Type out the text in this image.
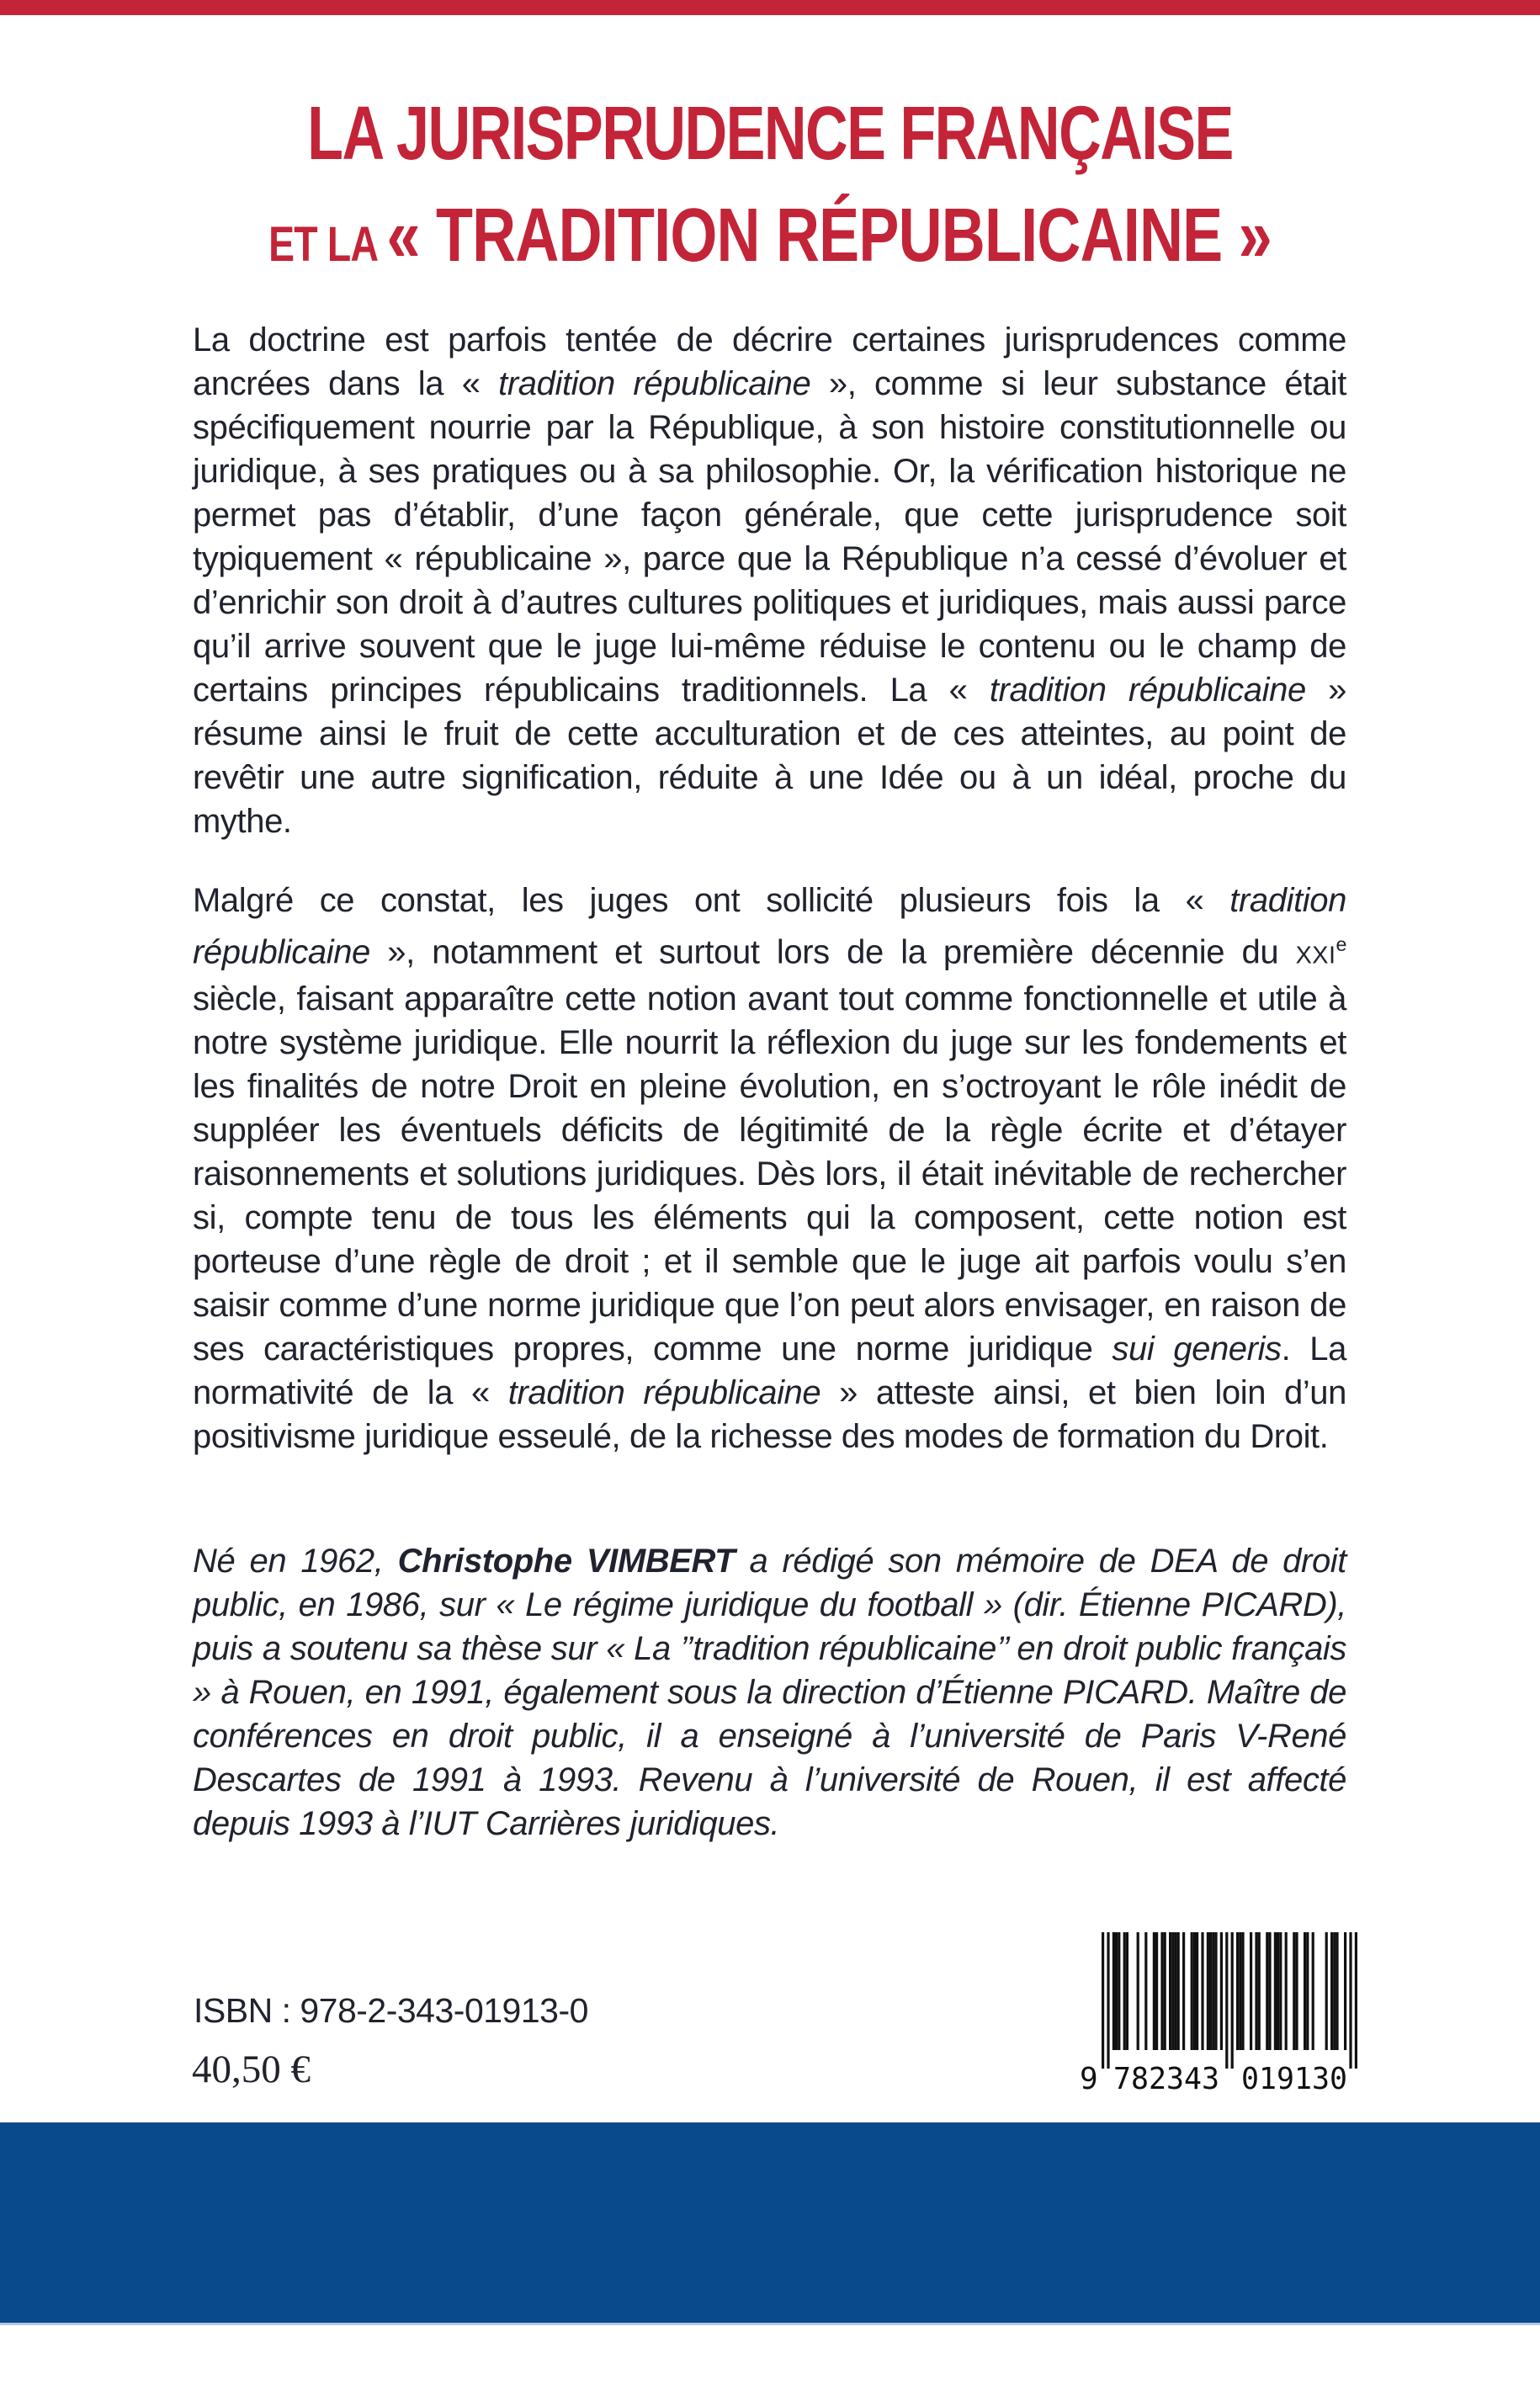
LA JURISPRUDENCE FRANÇAISE
ET LA « TRADITION RÉPUBLICAINE »

La doctrine est parfois tentée de décrire certaines jurisprudences comme ancrées dans la « tradition républicaine », comme si leur substance était spécifiquement nourrie par la République, à son histoire constitutionnelle ou juridique, à ses pratiques ou à sa philosophie. Or, la vérification historique ne permet pas d’établir, d’une façon générale, que cette jurisprudence soit typiquement « républicaine », parce que la République n’a cessé d’évoluer et d’enrichir son droit à d’autres cultures politiques et juridiques, mais aussi parce qu’il arrive souvent que le juge lui-même réduise le contenu ou le champ de certains principes républicains traditionnels. La « tradition républicaine » résume ainsi le fruit de cette acculturation et de ces atteintes, au point de revêtir une autre signification, réduite à une Idée ou à un idéal, proche du mythe.

Malgré ce constat, les juges ont sollicité plusieurs fois la « tradition républicaine », notamment et surtout lors de la première décennie du XXIe siècle, faisant apparaître cette notion avant tout comme fonctionnelle et utile à notre système juridique. Elle nourrit la réflexion du juge sur les fondements et les finalités de notre Droit en pleine évolution, en s’octroyant le rôle inédit de suppléer les éventuels déficits de légitimité de la règle écrite et d’étayer raisonnements et solutions juridiques. Dès lors, il était inévitable de rechercher si, compte tenu de tous les éléments qui la composent, cette notion est porteuse d’une règle de droit ; et il semble que le juge ait parfois voulu s’en saisir comme d’une norme juridique que l’on peut alors envisager, en raison de ses caractéristiques propres, comme une norme juridique sui generis. La normativité de la « tradition républicaine » atteste ainsi, et bien loin d’un positivisme juridique esseulé, de la richesse des modes de formation du Droit.

Né en 1962, Christophe VIMBERT a rédigé son mémoire de DEA de droit public, en 1986, sur « Le régime juridique du football » (dir. Étienne PICARD), puis a soutenu sa thèse sur « La ’’tradition républicaine’’ en droit public français » à Rouen, en 1991, également sous la direction d’Étienne PICARD. Maître de conférences en droit public, il a enseigné à l’université de Paris V-René Descartes de 1991 à 1993. Revenu à l’université de Rouen, il est affecté depuis 1993 à l’IUT Carrières juridiques.

ISBN : 978-2-343-01913-0
40,50 €	9 782343 019130
